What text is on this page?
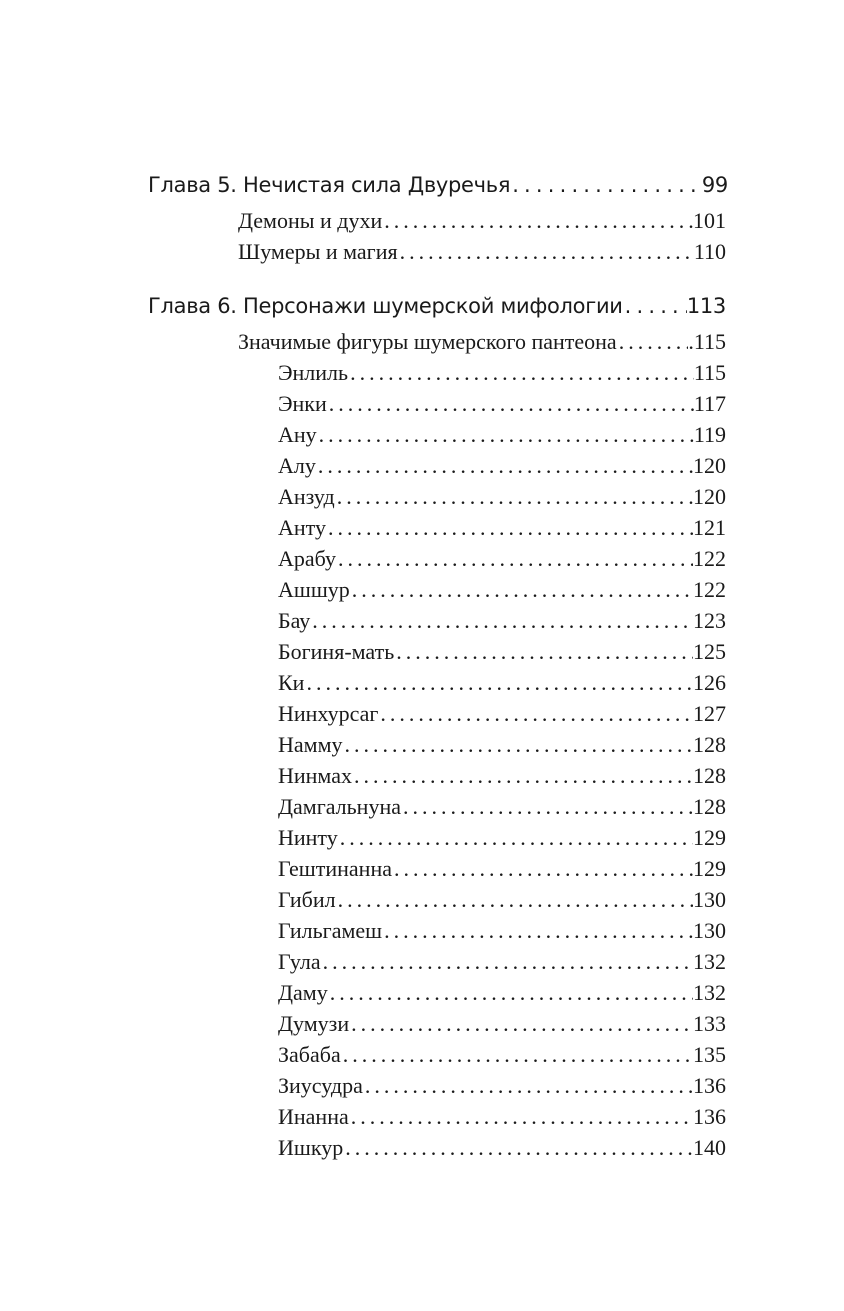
Глава 5. Нечистая сила Двуречья . . .	99
Демоны и духи . . .	101
Шумеры и магия . . .	110
Глава 6. Персонажи шумерской мифологии . . .	113
Значимые фигуры шумерского пантеона . . .	.115
Энлиль . . .	115
Энки . . .	117
Ану . . .	119
Алу . . .	120
Анзуд . . .	120
Анту . . .	121
Арабу . . .	122
Ашшур . . .	122
Бау . . .	123
Богиня-мать . . .	125
Ки . . .	126
Нинхурсаг . . .	127
Намму . . .	128
Нинмах . . .	128
Дамгальнуна . . .	128
Нинту . . .	129
Гештинанна . . .	129
Гибил . . .	130
Гильгамеш . . .	130
Гула . . .	132
Даму . . .	132
Думузи . . .	133
Забаба . . .	135
Зиусудра . . .	136
Инанна . . .	136
Ишкур . . .	140
